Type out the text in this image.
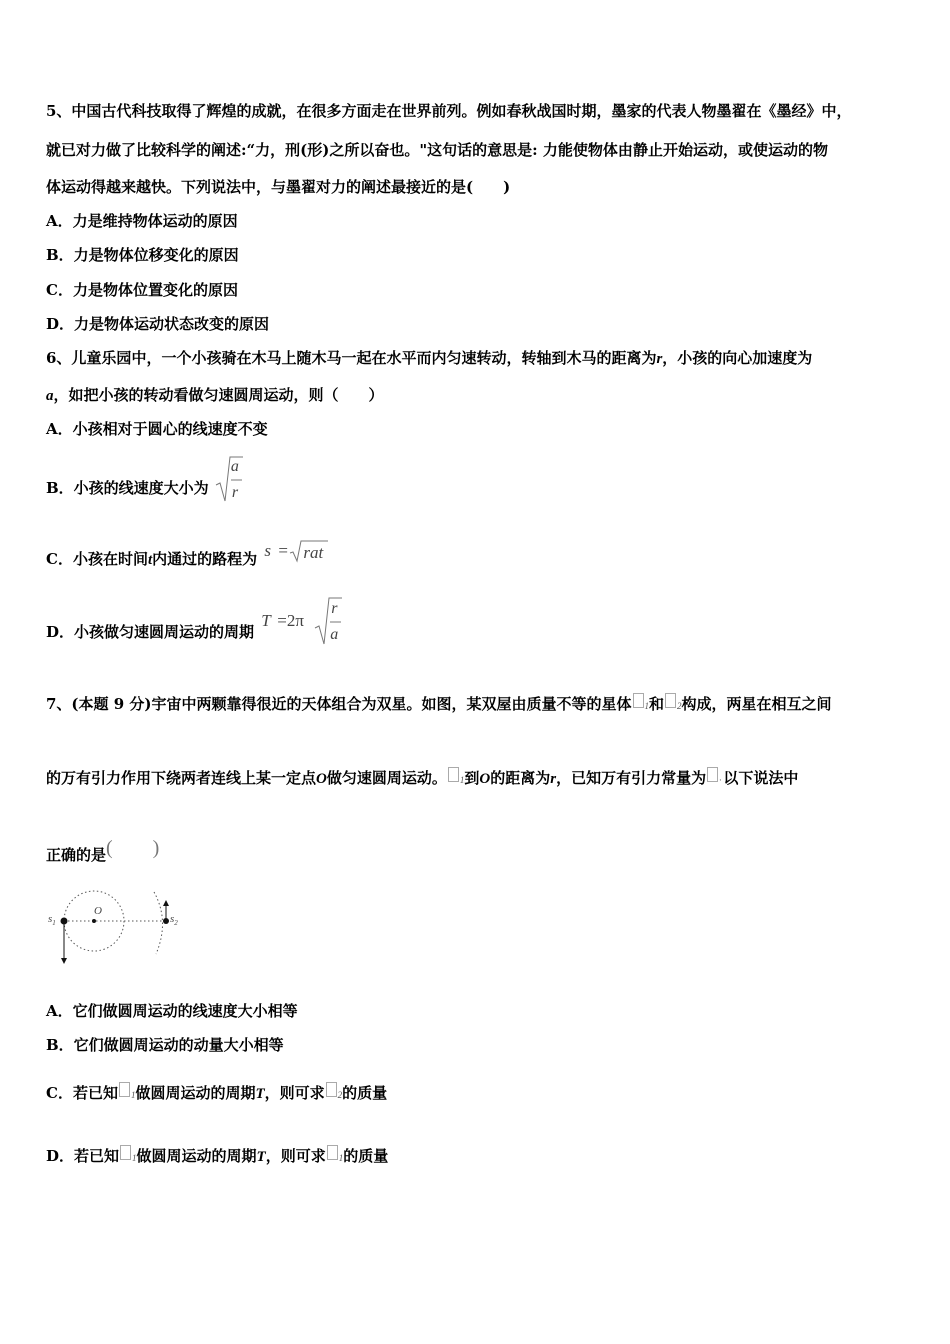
5、中国古代科技取得了辉煌的成就，在很多方面走在世界前列。例如春秋战国时期，墨家的代表人物墨翟在《墨经》中，
就已对力做了比较科学的阐述:“力，刑(形)之所以奋也。"这句话的意思是: 力能使物体由静止开始运动，或使运动的物
体运动得越来越快。下列说法中，与墨翟对力的阐述最接近的是(　　)
A．力是维持物体运动的原因
B．力是物体位移变化的原因
C．力是物体位置变化的原因
D．力是物体运动状态改变的原因
6、儿童乐园中，一个小孩骑在木马上随木马一起在水平而内匀速转动，转轴到木马的距离为r，小孩的向心加速度为
a，如把小孩的转动看做匀速圆周运动，则（　　）
A．小孩相对于圆心的线速度不变
B．小孩的线速度大小为
a
r
C．小孩在时间t内通过的路程为 s = rat
D．小孩做匀速圆周运动的周期
T =2π
r
a
7、(本题 9 分)宇宙中两颗靠得很近的天体组合为双星。如图，某双屋由质量不等的星体 1和 2构成，两星在相互之间
的万有引力作用下绕两者连线上某一定点O做匀速圆周运动。 1到O的距离为r，已知万有引力常量为 · 以下说法中
正确的是(　　)
$s_1$
O
$s_2$
A．它们做圆周运动的线速度大小相等
B．它们做圆周运动的动量大小相等
C．若已知 1做圆周运动的周期T，则可求 2的质量
D．若已知 1做圆周运动的周期T，则可求 1的质量
